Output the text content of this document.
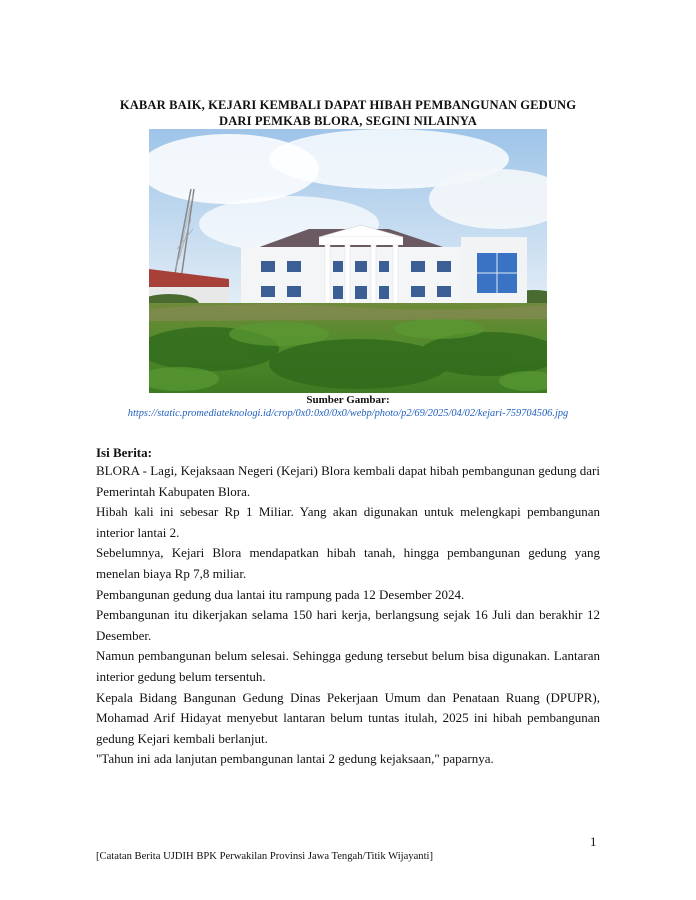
KABAR BAIK, KEJARI KEMBALI DAPAT HIBAH PEMBANGUNAN GEDUNG
DARI PEMKAB BLORA, SEGINI NILAINYA
Sumber Gambar:
https://static.promediateknologi.id/crop/0x0:0x0/0x0/webp/photo/p2/69/2025/04/02/kejari-759704506.jpg
Isi Berita:

BLORA - Lagi, Kejaksaan Negeri (Kejari) Blora kembali dapat hibah pembangunan gedung dari Pemerintah Kabupaten Blora.

Hibah kali ini sebesar Rp 1 Miliar. Yang akan digunakan untuk melengkapi pembangunan interior lantai 2.

Sebelumnya, Kejari Blora mendapatkan hibah tanah, hingga pembangunan gedung yang menelan biaya Rp 7,8 miliar.

Pembangunan gedung dua lantai itu rampung pada 12 Desember 2024.

Pembangunan itu dikerjakan selama 150 hari kerja, berlangsung sejak 16 Juli dan berakhir 12 Desember.

Namun pembangunan belum selesai. Sehingga gedung tersebut belum bisa digunakan. Lantaran interior gedung belum tersentuh.

Kepala Bidang Bangunan Gedung Dinas Pekerjaan Umum dan Penataan Ruang (DPUPR), Mohamad Arif Hidayat menyebut lantaran belum tuntas itulah, 2025 ini hibah pembangunan gedung Kejari kembali berlanjut.

"Tahun ini ada lanjutan pembangunan lantai 2 gedung kejaksaan," paparnya.

1
[Catatan Berita UJDIH BPK Perwakilan Provinsi Jawa Tengah/Titik Wijayanti]
